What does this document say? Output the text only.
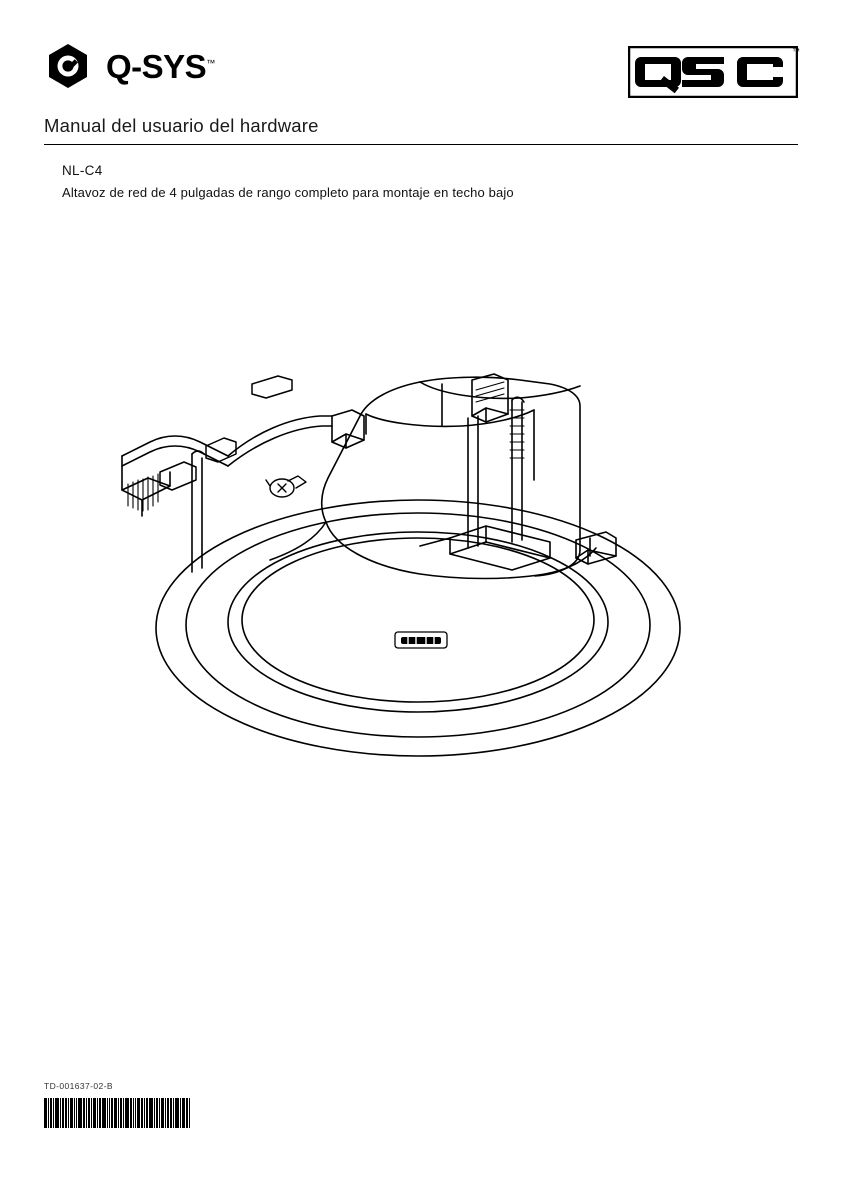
Q-SYS™
™
Manual del usuario del hardware
NL-C4
Altavoz de red de 4 pulgadas de rango completo para montaje en techo bajo
TD-001637-02-B
